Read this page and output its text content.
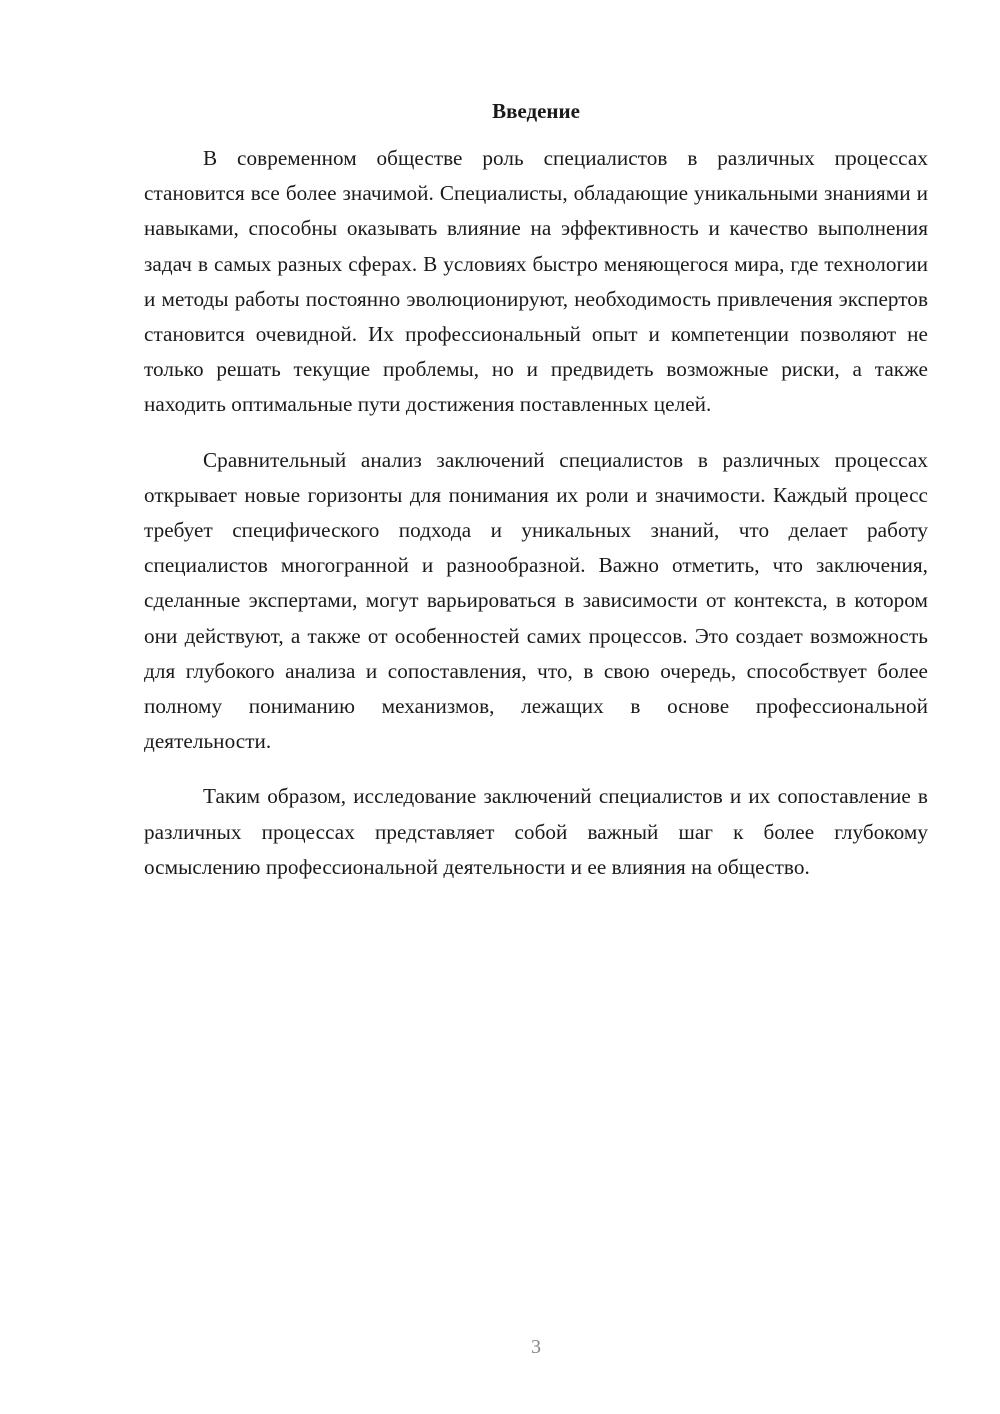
Введение

В современном обществе роль специалистов в различных процессах становится все более значимой. Специалисты, обладающие уникальными знаниями и навыками, способны оказывать влияние на эффективность и качество выполнения задач в самых разных сферах. В условиях быстро меняющегося мира, где технологии и методы работы постоянно эволюционируют, необходимость привлечения экспертов становится очевидной. Их профессиональный опыт и компетенции позволяют не только решать текущие проблемы, но и предвидеть возможные риски, а также находить оптимальные пути достижения поставленных целей.

Сравнительный анализ заключений специалистов в различных процессах открывает новые горизонты для понимания их роли и значимости. Каждый процесс требует специфического подхода и уникальных знаний, что делает работу специалистов многогранной и разнообразной. Важно отметить, что заключения, сделанные экспертами, могут варьироваться в зависимости от контекста, в котором они действуют, а также от особенностей самих процессов. Это создает возможность для глубокого анализа и сопоставления, что, в свою очередь, способствует более полному пониманию механизмов, лежащих в основе профессиональной деятельности.

Таким образом, исследование заключений специалистов и их сопоставление в различных процессах представляет собой важный шаг к более глубокому осмыслению профессиональной деятельности и ее влияния на общество.

3
